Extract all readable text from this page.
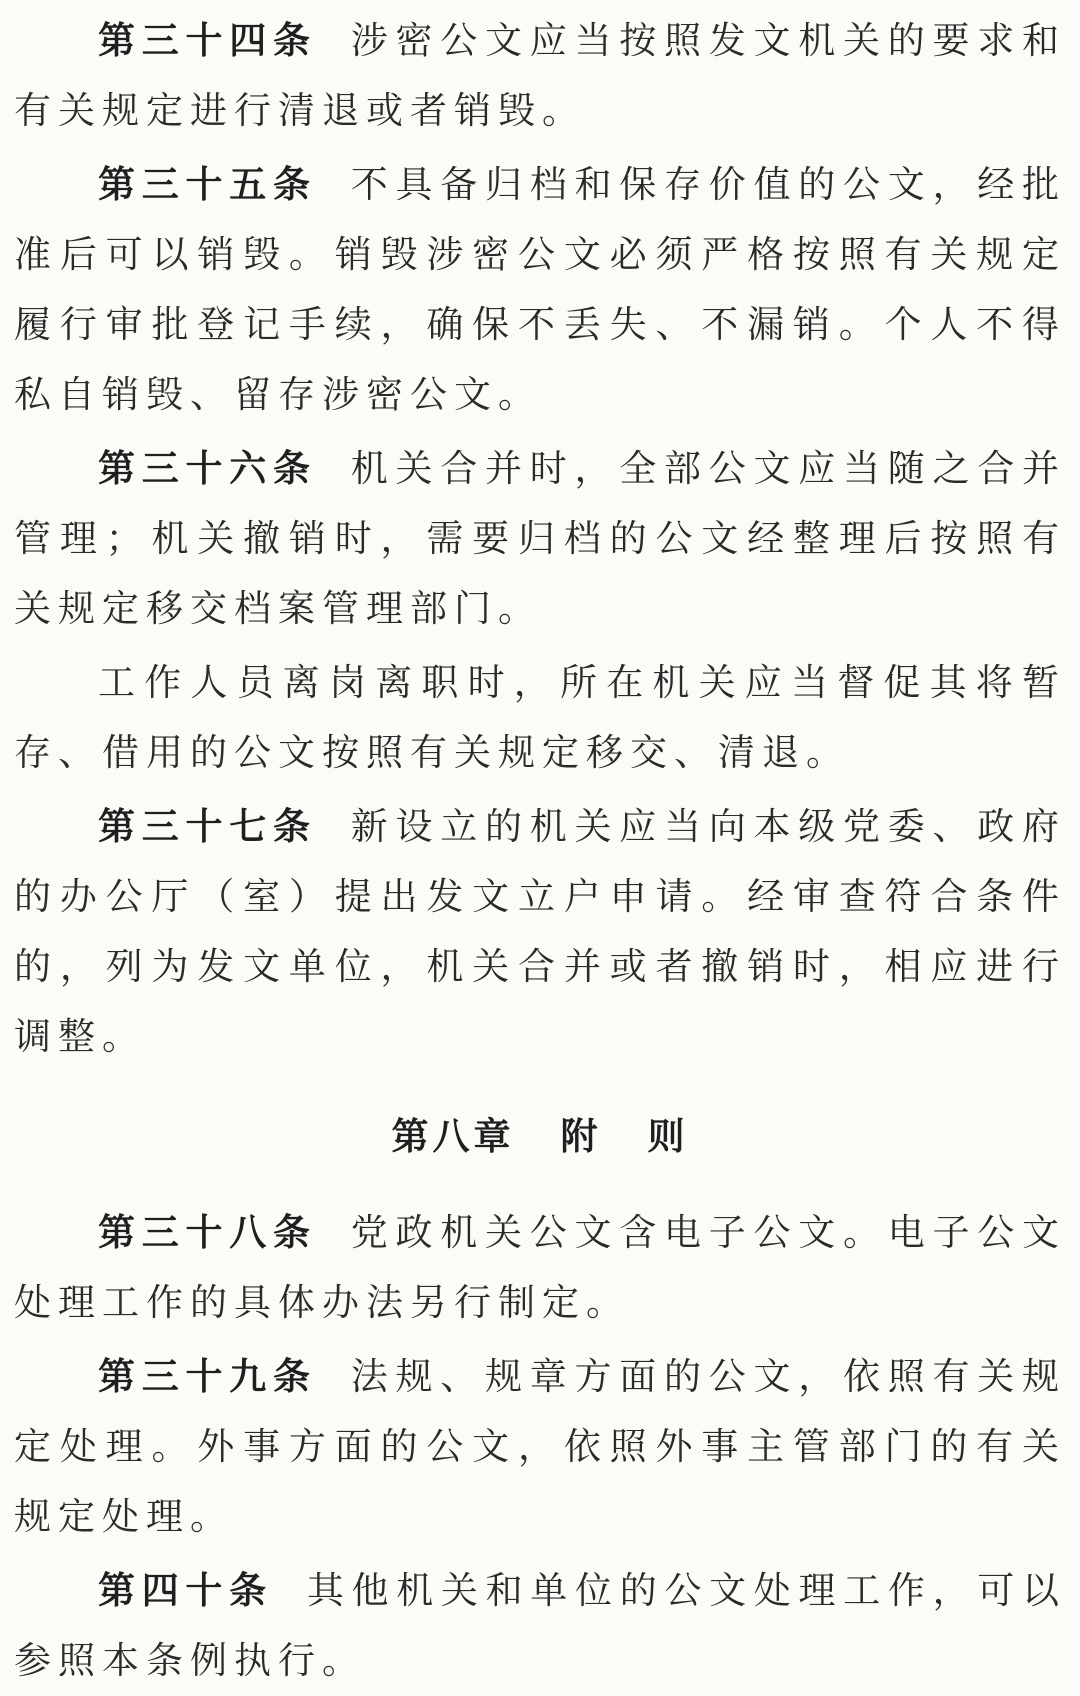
第三十四条 涉密公文应当按照发文机关的要求和有关规定进行清退或者销毁。

第三十五条 不具备归档和保存价值的公文，经批准后可以销毁。销毁涉密公文必须严格按照有关规定履行审批登记手续，确保不丢失、不漏销。个人不得私自销毁、留存涉密公文。

第三十六条 机关合并时，全部公文应当随之合并管理；机关撤销时，需要归档的公文经整理后按照有关规定移交档案管理部门。

工作人员离岗离职时，所在机关应当督促其将暂存、借用的公文按照有关规定移交、清退。

第三十七条 新设立的机关应当向本级党委、政府的办公厅（室）提出发文立户申请。经审查符合条件的，列为发文单位，机关合并或者撤销时，相应进行调整。

第八章 附 则

第三十八条 党政机关公文含电子公文。电子公文处理工作的具体办法另行制定。

第三十九条 法规、规章方面的公文，依照有关规定处理。外事方面的公文，依照外事主管部门的有关规定处理。

第四十条 其他机关和单位的公文处理工作，可以参照本条例执行。
